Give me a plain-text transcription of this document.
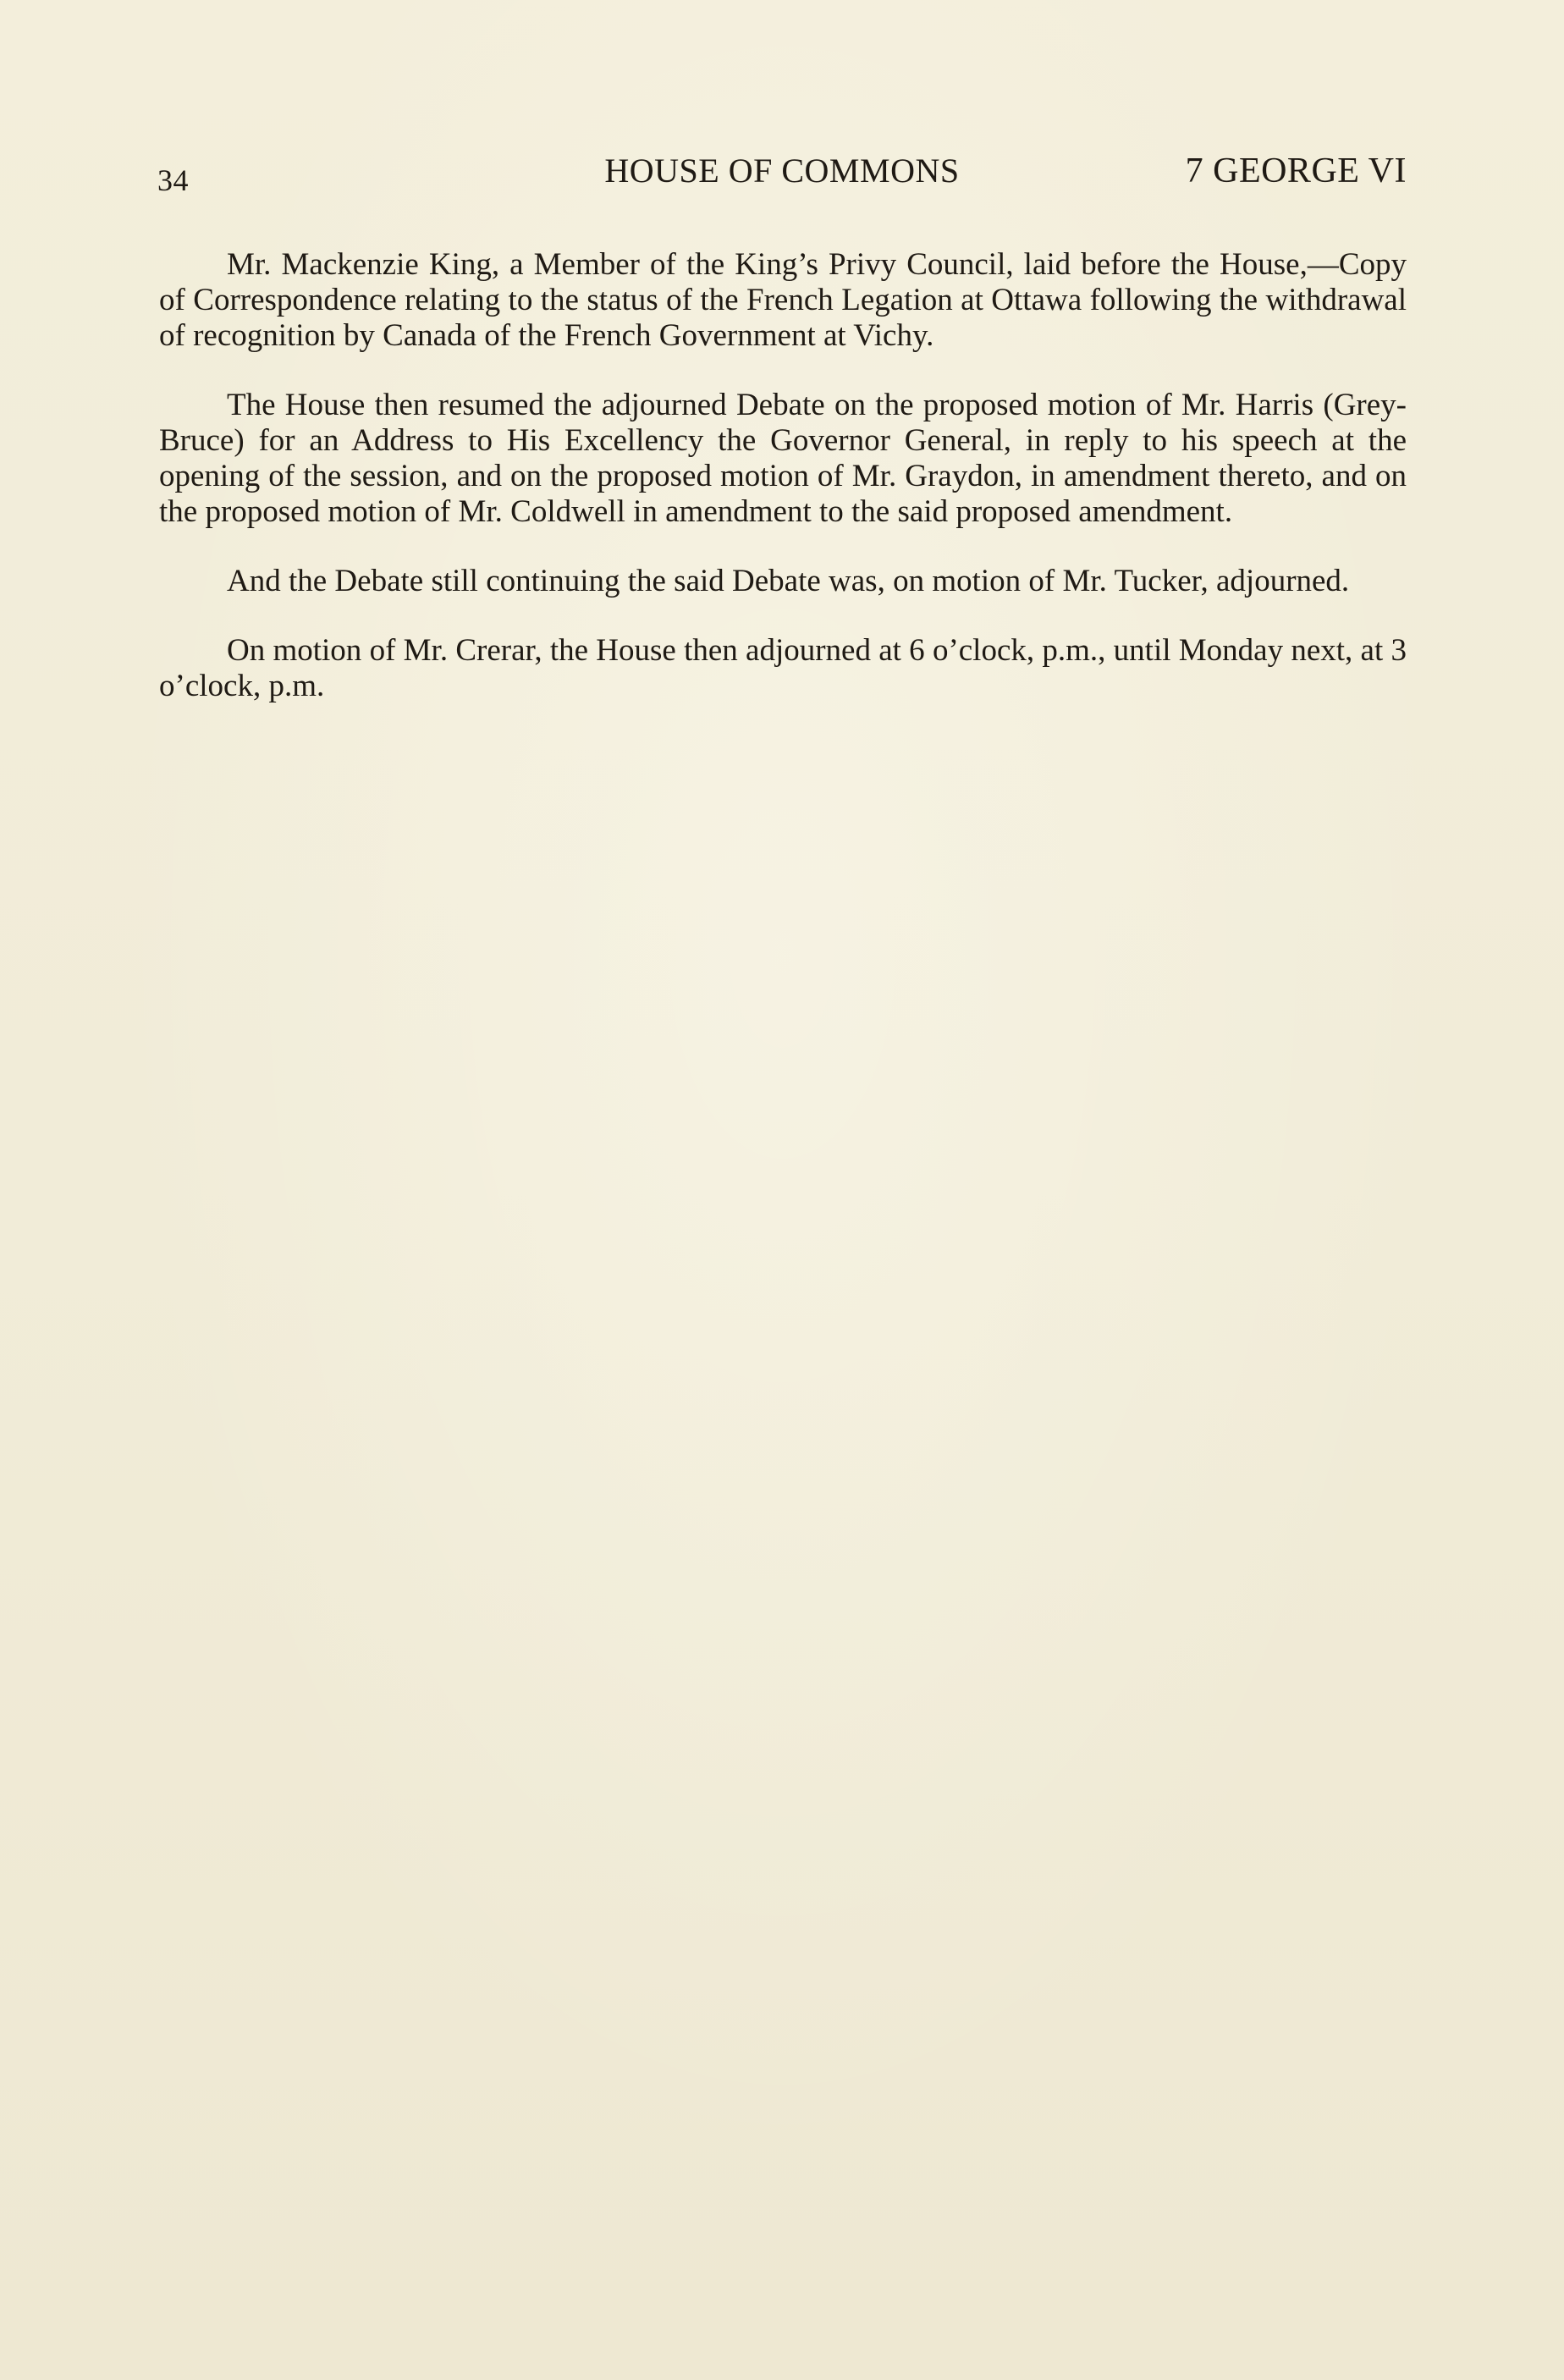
34	HOUSE OF COMMONS	7 GEORGE VI

Mr. Mackenzie King, a Member of the King’s Privy Council, laid before the House,—Copy of Correspondence relating to the status of the French Legation at Ottawa following the withdrawal of recognition by Canada of the French Government at Vichy.

The House then resumed the adjourned Debate on the proposed motion of Mr. Harris (Grey-Bruce) for an Address to His Excellency the Governor General, in reply to his speech at the opening of the session, and on the proposed motion of Mr. Graydon, in amendment thereto, and on the proposed motion of Mr. Coldwell in amendment to the said proposed amendment.

And the Debate still continuing the said Debate was, on motion of Mr. Tucker, adjourned.

On motion of Mr. Crerar, the House then adjourned at 6 o’clock, p.m., until Monday next, at 3 o’clock, p.m.
